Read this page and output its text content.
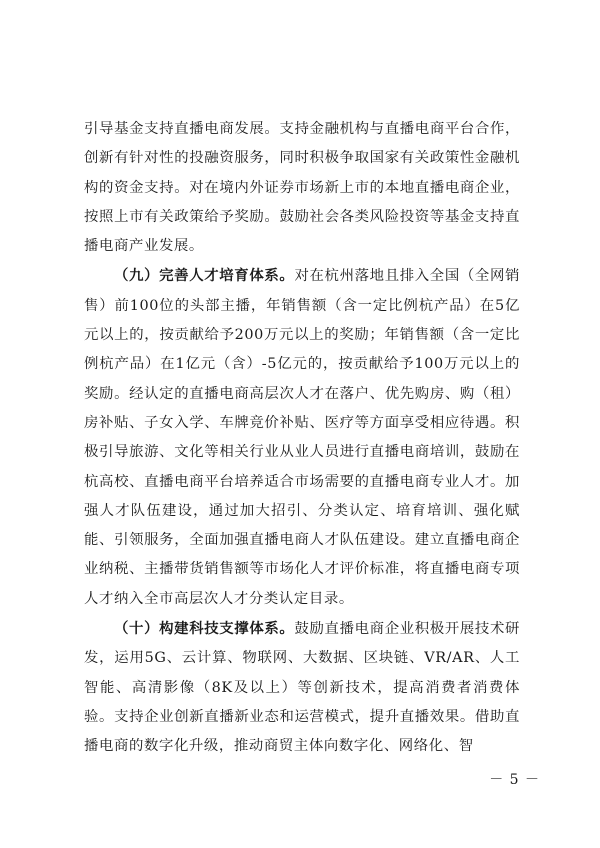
引导基金支持直播电商发展。支持金融机构与直播电商平台合作，创新有针对性的投融资服务，同时积极争取国家有关政策性金融机构的资金支持。对在境内外证券市场新上市的本地直播电商企业，按照上市有关政策给予奖励。鼓励社会各类风险投资等基金支持直播电商产业发展。

（九）完善人才培育体系。对在杭州落地且排入全国（全网销售）前100位的头部主播，年销售额（含一定比例杭产品）在5亿元以上的，按贡献给予200万元以上的奖励；年销售额（含一定比例杭产品）在1亿元（含）-5亿元的，按贡献给予100万元以上的奖励。经认定的直播电商高层次人才在落户、优先购房、购（租）房补贴、子女入学、车牌竞价补贴、医疗等方面享受相应待遇。积极引导旅游、文化等相关行业从业人员进行直播电商培训，鼓励在杭高校、直播电商平台培养适合市场需要的直播电商专业人才。加强人才队伍建设，通过加大招引、分类认定、培育培训、强化赋能、引领服务，全面加强直播电商人才队伍建设。建立直播电商企业纳税、主播带货销售额等市场化人才评价标准，将直播电商专项人才纳入全市高层次人才分类认定目录。

（十）构建科技支撑体系。鼓励直播电商企业积极开展技术研发，运用5G、云计算、物联网、大数据、区块链、VR/AR、人工智能、高清影像（8K及以上）等创新技术，提高消费者消费体验。支持企业创新直播新业态和运营模式，提升直播效果。借助直播电商的数字化升级，推动商贸主体向数字化、网络化、智

－ 5 －
